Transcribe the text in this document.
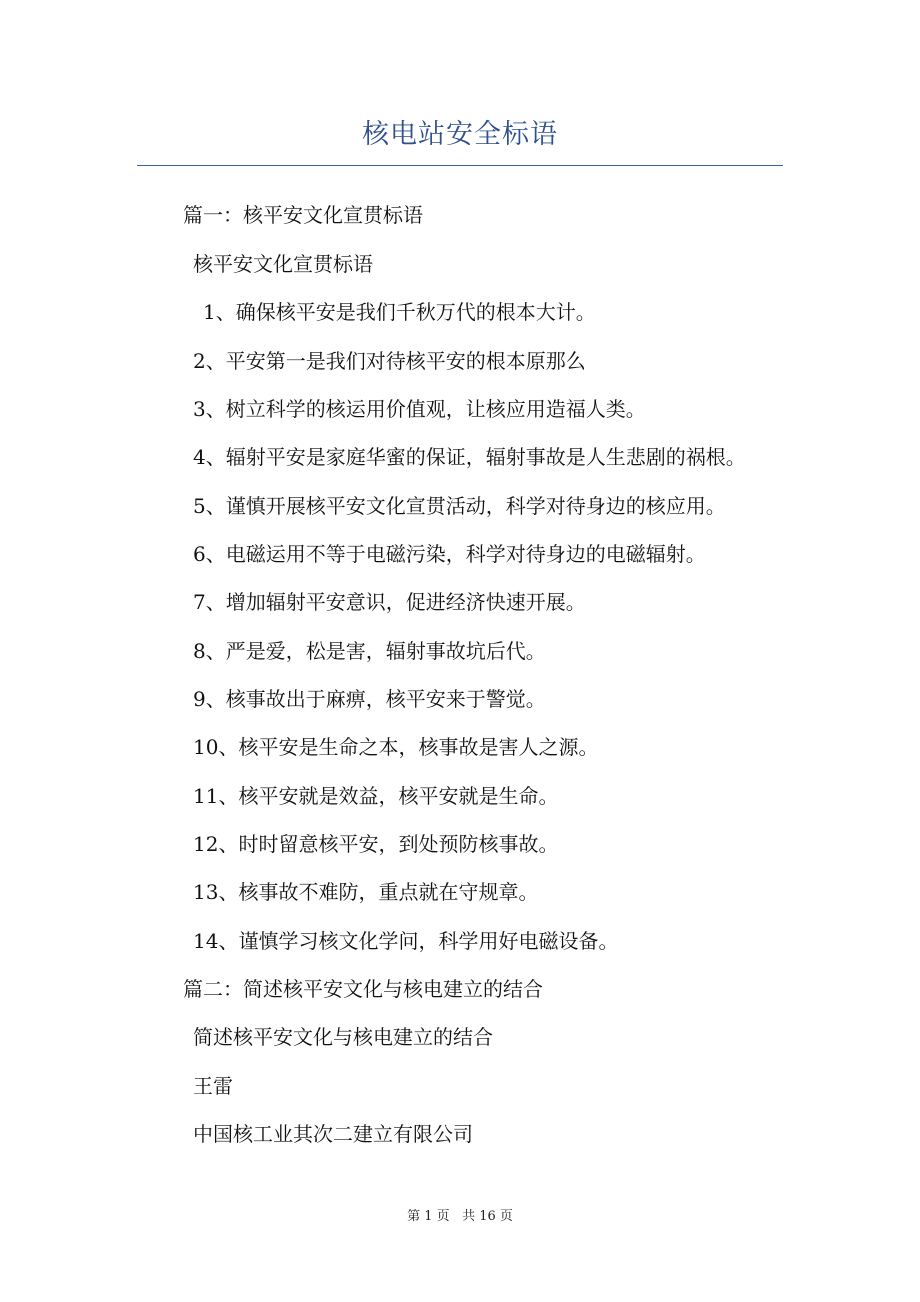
核电站安全标语
篇一：核平安文化宣贯标语
核平安文化宣贯标语
1、确保核平安是我们千秋万代的根本大计。
2、平安第一是我们对待核平安的根本原那么
3、树立科学的核运用价值观，让核应用造福人类。
4、辐射平安是家庭华蜜的保证，辐射事故是人生悲剧的祸根。
5、谨慎开展核平安文化宣贯活动，科学对待身边的核应用。
6、电磁运用不等于电磁污染，科学对待身边的电磁辐射。
7、增加辐射平安意识，促进经济快速开展。
8、严是爱，松是害，辐射事故坑后代。
9、核事故出于麻痹，核平安来于警觉。
10、核平安是生命之本，核事故是害人之源。
11、核平安就是效益，核平安就是生命。
12、时时留意核平安，到处预防核事故。
13、核事故不难防，重点就在守规章。
14、谨慎学习核文化学问，科学用好电磁设备。
篇二：简述核平安文化与核电建立的结合
简述核平安文化与核电建立的结合
王雷
中国核工业其次二建立有限公司
第 1 页 共 16 页
